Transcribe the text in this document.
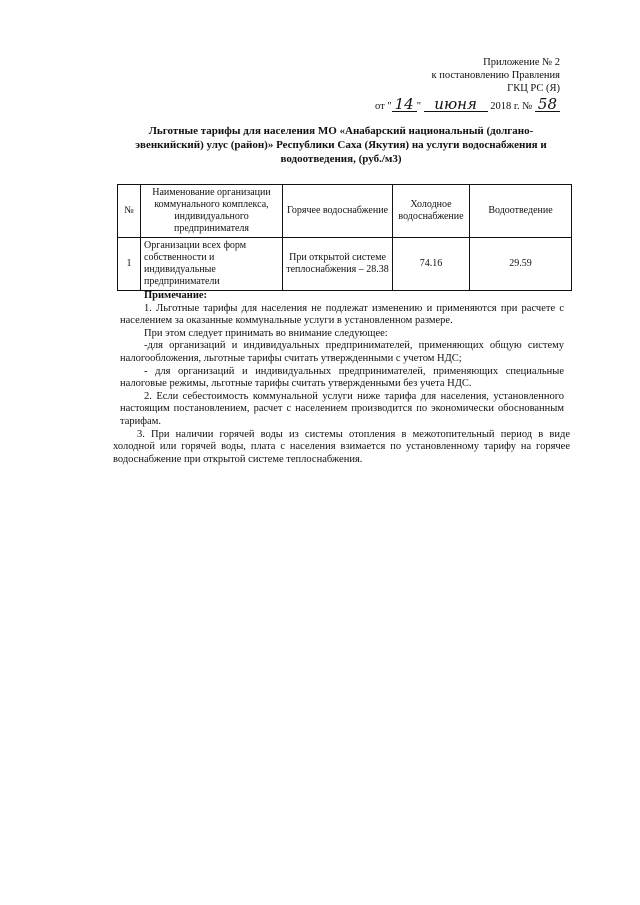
Приложение № 2
к постановлению Правления
ГКЦ РС (Я)
от " 14 " июня 2018 г. № 58
Льготные тарифы для населения МО «Анабарский национальный (долгано-эвенкийский) улус (район)» Республики Саха (Якутия) на услуги водоснабжения и водоотведения, (руб./м3)
№	Наименование организации коммунального комплекса, индивидуального предпринимателя	Горячее водоснабжение	Холодное водоснабжение	Водоотведение
1	Организации всех форм собственности и индивидуальные предприниматели	При открытой системе теплоснабжения – 28.38	74.16	29.59

Примечание:

1. Льготные тарифы для населения не подлежат изменению и применяются при расчете с населением за оказанные коммунальные услуги в установленном размере.

При этом следует принимать во внимание следующее:

-для организаций и индивидуальных предпринимателей, применяющих общую систему налогообложения, льготные тарифы считать утвержденными с учетом НДС;

- для организаций и индивидуальных предпринимателей, применяющих специальные налоговые режимы, льготные тарифы считать утвержденными без учета НДС.

2. Если себестоимость коммунальной услуги ниже тарифа для населения, установленного настоящим постановлением, расчет с населением производится по экономически обоснованным тарифам.

3. При наличии горячей воды из системы отопления в межотопительный период в виде холодной или горячей воды, плата с населения взимается по установленному тарифу на горячее водоснабжение при открытой системе теплоснабжения.
